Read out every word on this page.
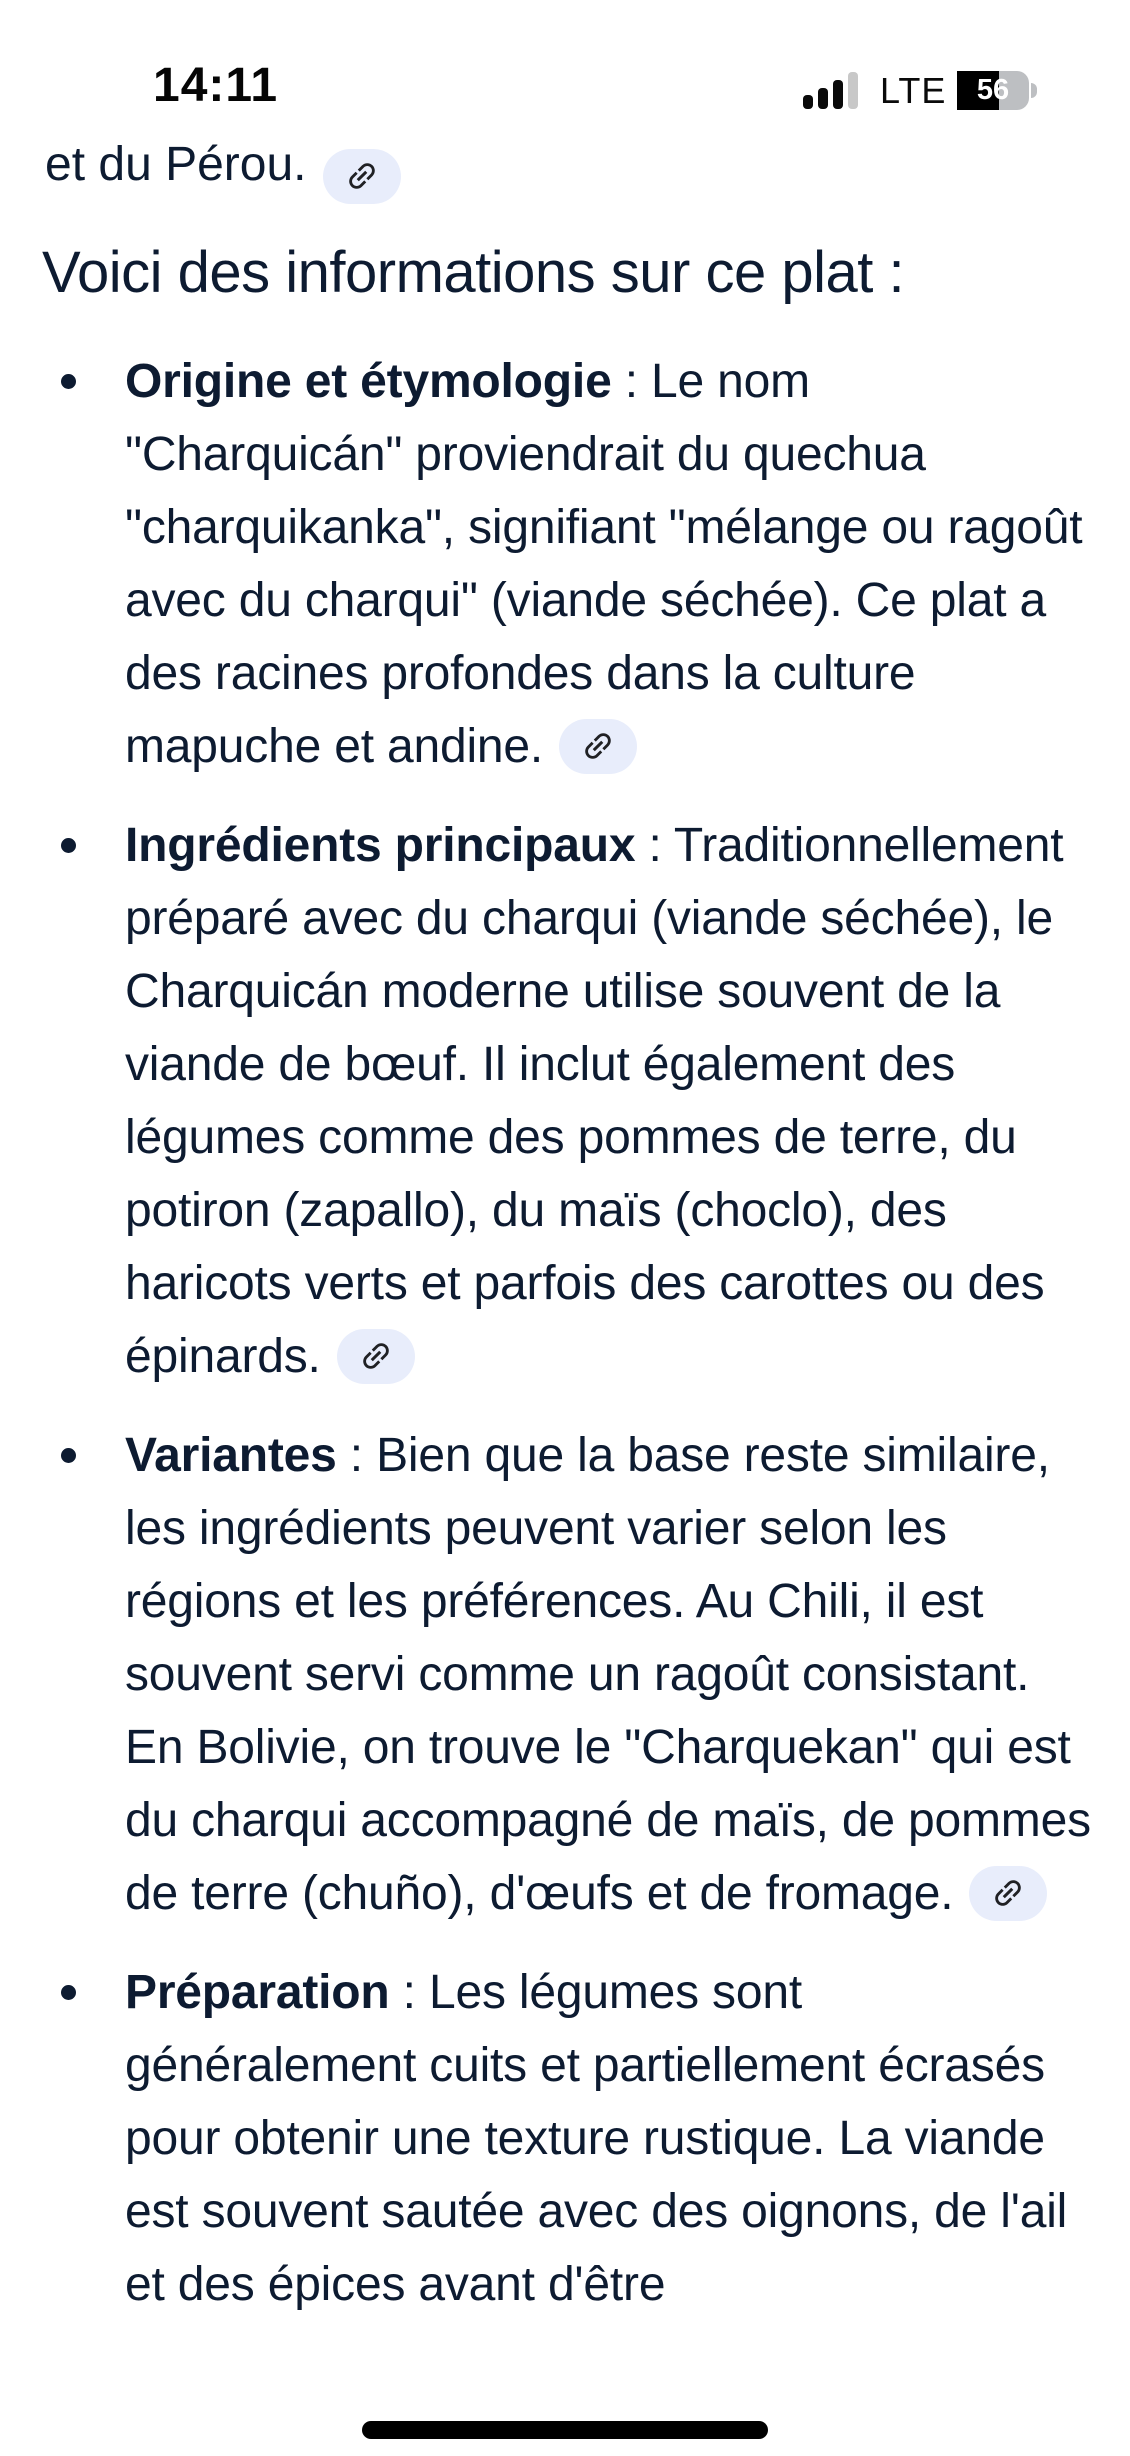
14:11	LTE	56
et du Pérou.
Voici des informations sur ce plat :
Origine et étymologie : Le nom "Charquicán" proviendrait du quechua "charquikanka", signifiant "mélange ou ragoût avec du charqui" (viande séchée). Ce plat a des racines profondes dans la culture mapuche et andine.
Ingrédients principaux : Traditionnellement préparé avec du charqui (viande séchée), le Charquicán moderne utilise souvent de la viande de bœuf. Il inclut également des légumes comme des pommes de terre, du potiron (zapallo), du maïs (choclo), des haricots verts et parfois des carottes ou des épinards.
Variantes : Bien que la base reste similaire, les ingrédients peuvent varier selon les régions et les préférences. Au Chili, il est souvent servi comme un ragoût consistant. En Bolivie, on trouve le "Charquekan" qui est du charqui accompagné de maïs, de pommes de terre (chuño), d'œufs et de fromage.
Préparation : Les légumes sont généralement cuits et partiellement écrasés pour obtenir une texture rustique. La viande est souvent sautée avec des oignons, de l'ail et des épices avant d'être
